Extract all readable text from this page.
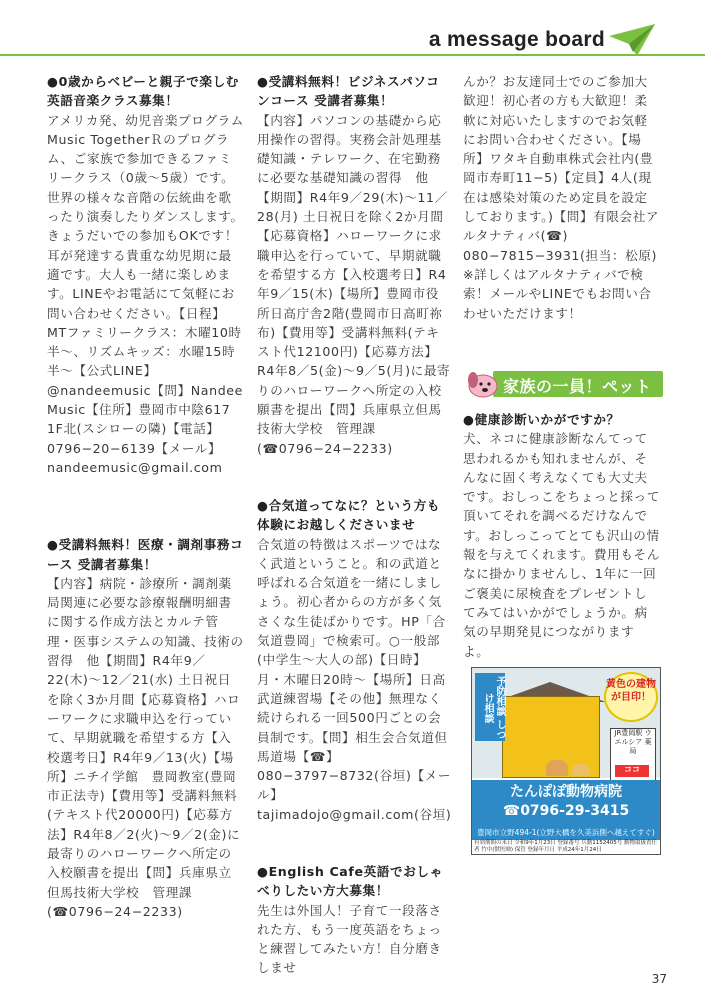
a message board
●0歳からベビーと親子で楽しむ英語音楽クラス募集！
アメリカ発、幼児音楽プログラムMusic TogetherＲのプログラム、ご家族で参加できるファミリークラス（0歳〜5歳）です。世界の様々な音階の伝統曲を歌ったり演奏したりダンスします。きょうだいでの参加もOKです！耳が発達する貴重な幼児期に最適です。大人も一緒に楽しめます。LINEやお電話にて気軽にお問い合わせください。【日程】MTファミリークラス：木曜10時半〜、リズムキッズ：水曜15時半〜【公式LINE】@nandeemusic【問】Nandee Music【住所】豊岡市中陰617　1F北(スシローの隣)【電話】0796−20−6139【メール】nandeemusic@gmail.com
●受講料無料！医療・調剤事務コース 受講者募集！
【内容】病院・診療所・調剤薬局関連に必要な診療報酬明細書に関する作成方法とカルテ管理・医事システムの知識、技術の習得　他【期間】R4年9／22(木)〜12／21(水) 土日祝日を除く3か月間【応募資格】ハローワークに求職申込を行っていて、早期就職を希望する方【入校選考日】R4年9／13(火)【場所】ニチイ学館　豊岡教室(豊岡市正法寺)【費用等】受講料無料(テキスト代20000円)【応募方法】R4年8／2(火)〜9／2(金)に最寄りのハローワークへ所定の入校願書を提出【問】兵庫県立但馬技術大学校　管理課(☎0796−24−2233)
●受講料無料！ビジネスパソコンコース 受講者募集！
【内容】パソコンの基礎から応用操作の習得。実務会計処理基礎知識・テレワーク、在宅勤務に必要な基礎知識の習得　他【期間】R4年9／29(木)〜11／28(月) 土日祝日を除く2か月間【応募資格】ハローワークに求職申込を行っていて、早期就職を希望する方【入校選考日】R4年9／15(木)【場所】豊岡市役所日高庁舎2階(豊岡市日高町祢布)【費用等】受講料無料(テキスト代12100円)【応募方法】R4年8／5(金)〜9／5(月)に最寄りのハローワークへ所定の入校願書を提出【問】兵庫県立但馬技術大学校　管理課(☎0796−24−2233)
●合気道ってなに？という方も体験にお越しくださいませ
合気道の特徴はスポーツではなく武道ということ。和の武道と呼ばれる合気道を一緒にしましょう。初心者からの方が多く気さくな生徒ばかりです。HP「合気道豊岡」で検索可。○一般部(中学生〜大人の部)【日時】月・木曜日20時〜【場所】日高武道練習場【その他】無理なく続けられる一回500円ごとの会員制です。【問】相生会合気道但馬道場【☎】080−3797−8732(谷垣)【メール】tajimadojo@gmail.com(谷垣)
●English Cafe英語でおしゃべりしたい方大募集！
先生は外国人！子育て一段落された方、もう一度英語をちょっと練習してみたい方！自分磨きしませ
んか？お友達同士でのご参加大歓迎！初心者の方も大歓迎！柔軟に対応いたしますのでお気軽にお問い合わせください。【場所】ワタキ自動車株式会社内(豊岡市寿町11−5)【定員】4人(現在は感染対策のため定員を設定しております。)【問】有限会社アルタナティバ(☎) 080−7815−3931(担当：松原) ※詳しくはアルタナティバで検索！メールやLINEでもお問い合わせいただけます！
家族の一員！ペット
●健康診断いかがですか？
犬、ネコに健康診断なんてって思われるかも知れませんが、そんなに固く考えなくても大丈夫です。おしっこをちょっと採って頂いてそれを調べるだけなんです。おしっこってとても沢山の情報を与えてくれます。費用もそんなに掛かりませんし、1年に一回ご褒美に尿検査をプレゼントしてみてはいかがでしょうか。病気の早期発見につながりますよ。
予防相談 しつけ相談
黄色の建物が目印！
JR豊岡駅 ウエルシア 薬局
ココ
たんぽぽ動物病院
☎0796-29-3415
豊岡市立野494-1(立野大橋を久美浜側へ越えてすぐ)
有効期間の末日 令和9年1月23日 登録番号 兵動1152405号 動物取扱責任者 竹中(獣医師) 保管 登録年月日 平成24年1月24日
37
